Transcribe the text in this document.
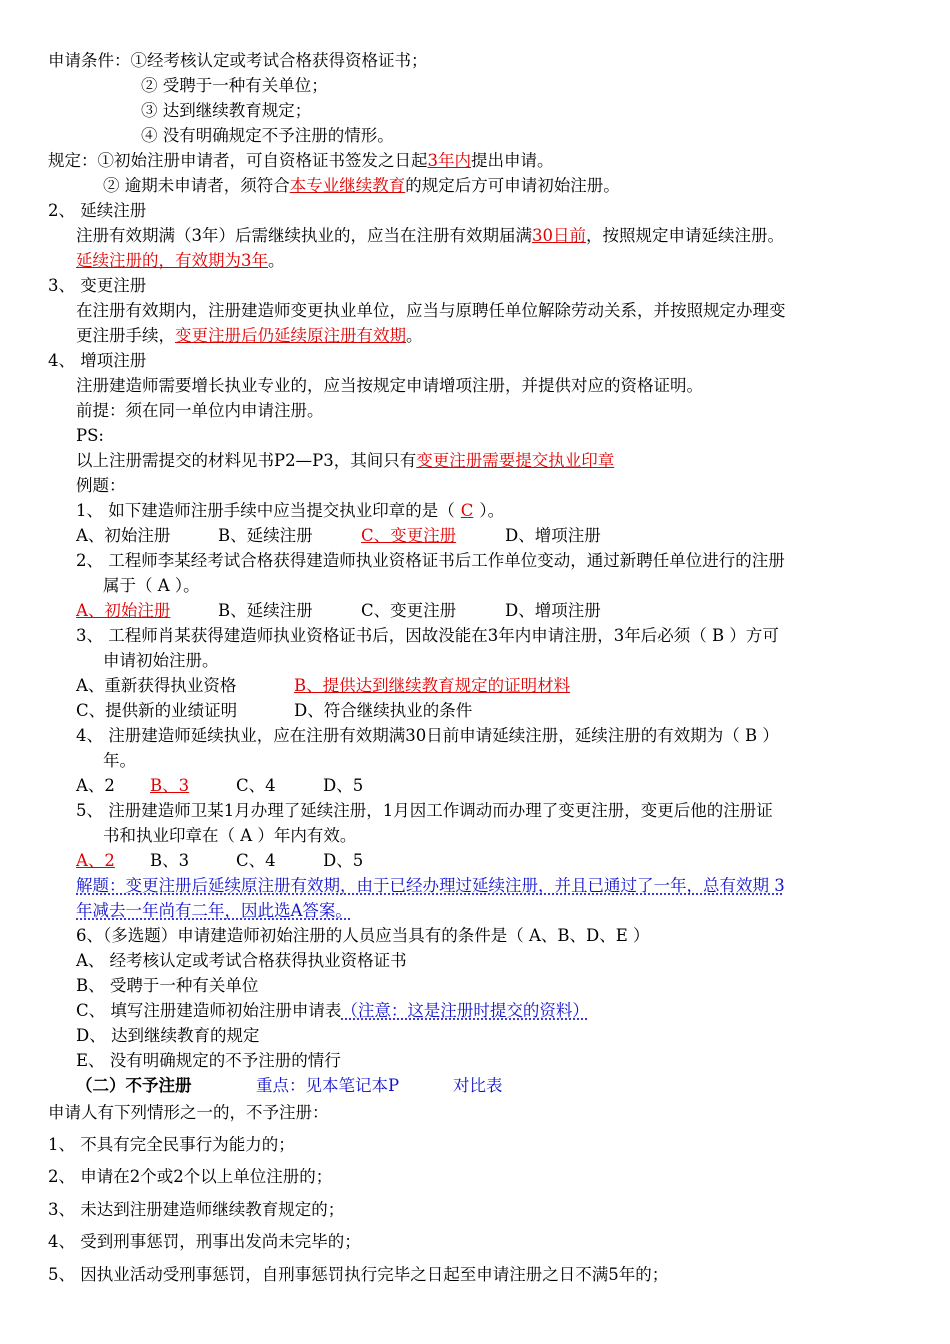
申请条件：①经考核认定或考试合格获得资格证书；
② 受聘于一种有关单位；
③ 达到继续教育规定；
④ 没有明确规定不予注册的情形。
规定：①初始注册申请者，可自资格证书签发之日起3年内提出申请。
② 逾期未申请者，须符合本专业继续教育的规定后方可申请初始注册。
2、 延续注册
注册有效期满（3年）后需继续执业的，应当在注册有效期届满30日前，按照规定申请延续注册。
延续注册的，有效期为3年。
3、 变更注册
在注册有效期内，注册建造师变更执业单位，应当与原聘任单位解除劳动关系，并按照规定办理变
更注册手续，变更注册后仍延续原注册有效期。
4、 增项注册
注册建造师需要增长执业专业的，应当按规定申请增项注册，并提供对应的资格证明。
前提：须在同一单位内申请注册。
PS:
以上注册需提交的材料见书P2—P3，其间只有变更注册需要提交执业印章
例题：
1、 如下建造师注册手续中应当提交执业印章的是（ C ）。
A、初始注册	B、延续注册	C、变更注册	D、增项注册
2、 工程师李某经考试合格获得建造师执业资格证书后工作单位变动，通过新聘任单位进行的注册
属于（ A ）。
A、初始注册	B、延续注册	C、变更注册	D、增项注册
3、 工程师肖某获得建造师执业资格证书后，因故没能在3年内申请注册，3年后必须（ B ）方可
申请初始注册。
A、重新获得执业资格	B、提供达到继续教育规定的证明材料
C、提供新的业绩证明	D、符合继续执业的条件
4、 注册建造师延续执业，应在注册有效期满30日前申请延续注册，延续注册的有效期为（ B ）
年。
A、2 B、3	C、4	D、5
5、 注册建造师卫某1月办理了延续注册，1月因工作调动而办理了变更注册，变更后他的注册证
书和执业印章在（ A ）年内有效。
A、2 B、3	C、4	D、5
解题：变更注册后延续原注册有效期，由于已经办理过延续注册，并且已通过了一年，总有效期 3
年减去一年尚有二年，因此选A答案。
6、（多选题）申请建造师初始注册的人员应当具有的条件是（ A、B、D、E ）
A、 经考核认定或考试合格获得执业资格证书
B、 受聘于一种有关单位
C、 填写注册建造师初始注册申请表（注意：这是注册时提交的资料）
D、 达到继续教育的规定
E、 没有明确规定的不予注册的情行
（二）不予注册	重点：见本笔记本P	对比表
申请人有下列情形之一的，不予注册：
1、 不具有完全民事行为能力的；
2、 申请在2个或2个以上单位注册的；
3、 未达到注册建造师继续教育规定的；
4、 受到刑事惩罚，刑事出发尚未完毕的；
5、 因执业活动受刑事惩罚，自刑事惩罚执行完毕之日起至申请注册之日不满5年的；
